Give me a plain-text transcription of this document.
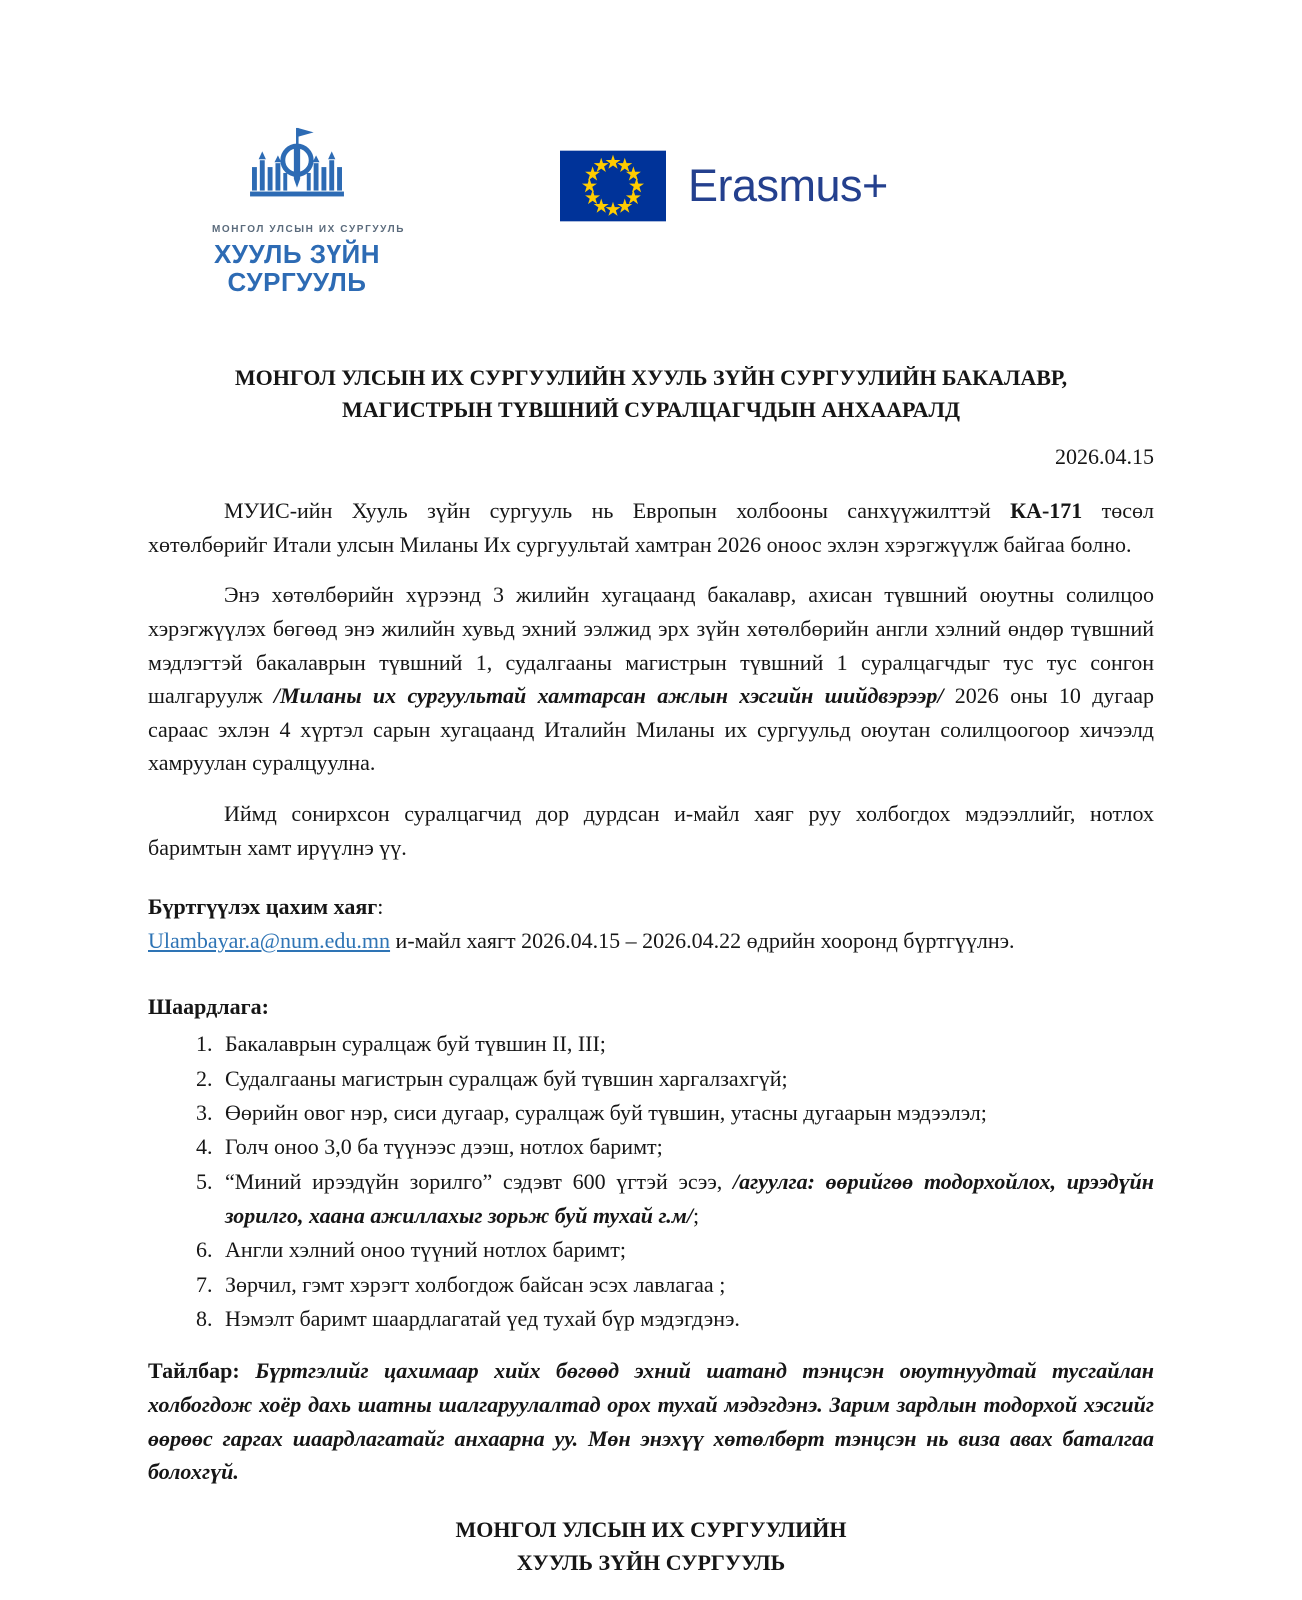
МОНГОЛ УЛСЫН ИХ СУРГУУЛЬ
ХУУЛЬ ЗҮЙН
СУРГУУЛЬ
Erasmus+
МОНГОЛ УЛСЫН ИХ СУРГУУЛИЙН ХУУЛЬ ЗҮЙН СУРГУУЛИЙН БАКАЛАВР,
МАГИСТРЫН ТҮВШНИЙ СУРАЛЦАГЧДЫН АНХААРАЛД
2026.04.15

МУИС-ийн Хууль зүйн сургууль нь Европын холбооны санхүүжилттэй КА-171 төсөл хөтөлбөрийг Итали улсын Миланы Их сургуультай хамтран 2026 оноос эхлэн хэрэгжүүлж байгаа болно.

Энэ хөтөлбөрийн хүрээнд 3 жилийн хугацаанд бакалавр, ахисан түвшний оюутны солилцоо хэрэгжүүлэх бөгөөд энэ жилийн хувьд эхний ээлжид эрх зүйн хөтөлбөрийн англи хэлний өндөр түвшний мэдлэгтэй бакалаврын түвшний 1, судалгааны магистрын түвшний 1 суралцагчдыг тус тус сонгон шалгаруулж /Миланы их сургуультай хамтарсан ажлын хэсгийн шийдвэрээр/ 2026 оны 10 дугаар сараас эхлэн 4 хүртэл сарын хугацаанд Италийн Миланы их сургуульд оюутан солилцоогоор хичээлд хамруулан суралцуулна.

Иймд сонирхсон суралцагчид дор дурдсан и-майл хаяг руу холбогдох мэдээллийг, нотлох баримтын хамт ирүүлнэ үү.

Бүртгүүлэх цахим хаяг:

Ulambayar.a@num.edu.mn и-майл хаягт 2026.04.15 – 2026.04.22 өдрийн хооронд бүртгүүлнэ.

Шаардлага:

1. Бакалаврын суралцаж буй түвшин II, III;
2. Судалгааны магистрын суралцаж буй түвшин харгалзахгүй;
3. Өөрийн овог нэр, сиси дугаар, суралцаж буй түвшин, утасны дугаарын мэдээлэл;
4. Голч оноо 3,0 ба түүнээс дээш, нотлох баримт;
5. “Миний ирээдүйн зорилго” сэдэвт 600 үгтэй эсээ, /агуулга: өөрийгөө тодорхойлох, ирээдүйн зорилго, хаана ажиллахыг зорьж буй тухай г.м/;
6. Англи хэлний оноо түүний нотлох баримт;
7. Зөрчил, гэмт хэрэгт холбогдож байсан эсэх лавлагаа ;
8. Нэмэлт баримт шаардлагатай үед тухай бүр мэдэгдэнэ.

Тайлбар: Бүртгэлийг цахимаар хийх бөгөөд эхний шатанд тэнцсэн оюутнуудтай тусгайлан холбогдож хоёр дахь шатны шалгаруулалтад орох тухай мэдэгдэнэ. Зарим зардлын тодорхой хэсгийг өөрөөс гаргах шаардлагатайг анхаарна уу. Мөн энэхүү хөтөлбөрт тэнцсэн нь виза авах баталгаа болохгүй.

МОНГОЛ УЛСЫН ИХ СУРГУУЛИЙН
ХУУЛЬ ЗҮЙН СУРГУУЛЬ
